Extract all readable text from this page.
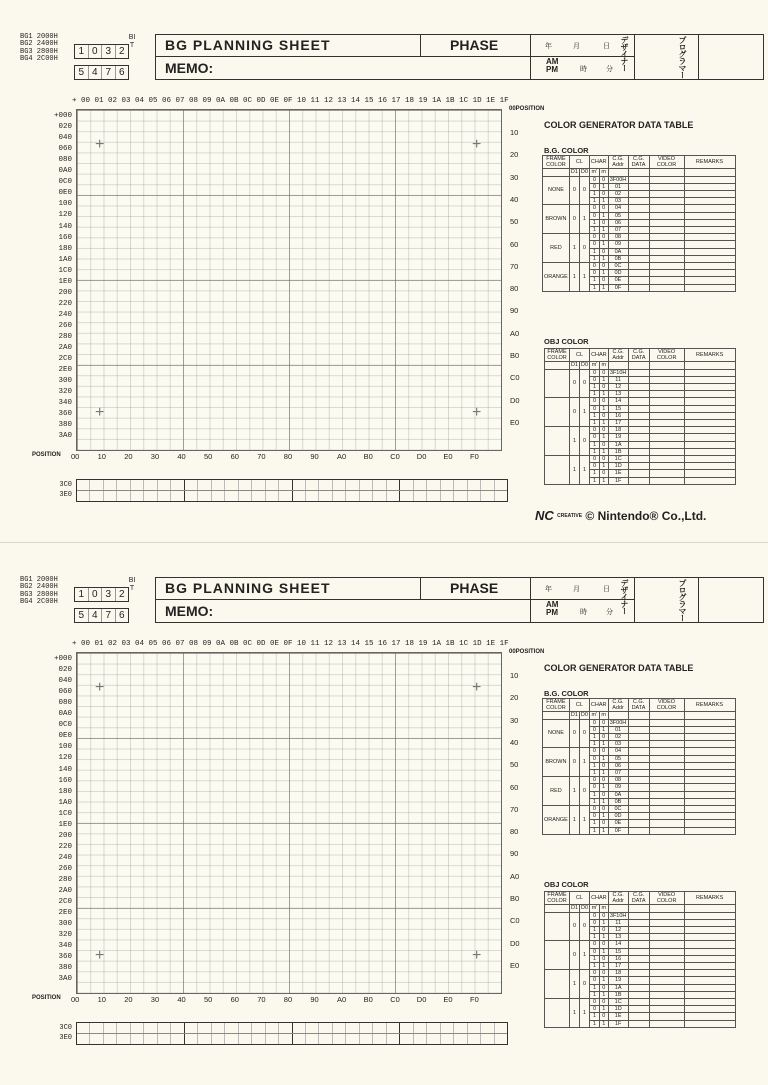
BG1 2000H
BG2 2400H
BG3 2800H
BG4 2C00H
1 0 3 2
5 4 7 6
BIT BG PLANNING SHEET
MEMO:
PHASE	年	月	日
AM
PM	時	分 デザイナー	プログラマー
+ 00 01 02 03 04 05 06 07 08 09 0A 0B 0C 0D 0E 0F 10 11 12 13 14 15 16 17 18 19 1A 1B 1C 1D 1E 1F
+	+
+	+
+000
020
040
060
080
0A0
0C0
0E0
100
120
140
160
180
1A0
1C0
1E0
200
220
240
260
280
2A0
2C0
2E0
300
320
340
360
380
3A0
10
20
30
40
50
60
70
80
90
A0
B0
C0
D0
E0
00 10 20 30 40 50 60 70 80 90 A0 B0 C0 D0 E0 F0
00POSITION
POSITION
3C0
3E0
COLOR GENERATOR DATA TABLE
B.G. COLOR
FRAME COLOR	CL		CHAR		C.G. Addr	C.G. DATA	VIDEO COLOR	REMARKS
	D1	D0	m'	m				
NONE	0	0	0	0	3F00H			
			0	1	01			
			1	0	02			
			1	1	03			
BROWN	0	1	0	0	04			
			0	1	05			
			1	0	06			
			1	1	07			
RED	1	0	0	0	08			
			0	1	09			
			1	0	0A			
			1	1	0B			
ORANGE	1	1	0	0	0C			
			0	1	0D			
			1	0	0E			
			1	1	0F			
OBJ COLOR
FRAME COLOR	CL		CHAR		C.G. Addr	C.G. DATA	VIDEO COLOR	REMARKS
	D1	D0	m'	m				
	0	0	0	0	3F10H			
			0	1	11			
			1	0	12			
			1	1	13			
	0	1	0	0	14			
			0	1	15			
			1	0	16			
			1	1	17			
	1	0	0	0	18			
			0	1	19			
			1	0	1A			
			1	1	1B			
	1	1	0	0	1C			
			0	1	1D			
			1	0	1E			
			1	1	1F			
NC CREATIVE © Nintendo® Co.,Ltd.
BG1 2000H
BG2 2400H
BG3 2800H
BG4 2C00H
1 0 3 2
5 4 7 6
BIT BG PLANNING SHEET
MEMO:
PHASE	年	月	日
AM
PM	時	分 デザイナー	プログラマー
+ 00 01 02 03 04 05 06 07 08 09 0A 0B 0C 0D 0E 0F 10 11 12 13 14 15 16 17 18 19 1A 1B 1C 1D 1E 1F
+	+
+	+
+000
020
040
060
080
0A0
0C0
0E0
100
120
140
160
180
1A0
1C0
1E0
200
220
240
260
280
2A0
2C0
2E0
300
320
340
360
380
3A0
10
20
30
40
50
60
70
80
90
A0
B0
C0
D0
E0
00 10 20 30 40 50 60 70 80 90 A0 B0 C0 D0 E0 F0
00POSITION
POSITION
3C0
3E0
COLOR GENERATOR DATA TABLE
B.G. COLOR
FRAME COLOR	CL		CHAR		C.G. Addr	C.G. DATA	VIDEO COLOR	REMARKS
	D1	D0	m'	m				
NONE	0	0	0	0	3F00H			
			0	1	01			
			1	0	02			
			1	1	03			
BROWN	0	1	0	0	04			
			0	1	05			
			1	0	06			
			1	1	07			
RED	1	0	0	0	08			
			0	1	09			
			1	0	0A			
			1	1	0B			
ORANGE	1	1	0	0	0C			
			0	1	0D			
			1	0	0E			
			1	1	0F			
OBJ COLOR
FRAME COLOR	CL		CHAR		C.G. Addr	C.G. DATA	VIDEO COLOR	REMARKS
	D1	D0	m'	m				
	0	0	0	0	3F10H			
			0	1	11			
			1	0	12			
			1	1	13			
	0	1	0	0	14			
			0	1	15			
			1	0	16			
			1	1	17			
	1	0	0	0	18			
			0	1	19			
			1	0	1A			
			1	1	1B			
	1	1	0	0	1C			
			0	1	1D			
			1	0	1E			
			1	1	1F			
